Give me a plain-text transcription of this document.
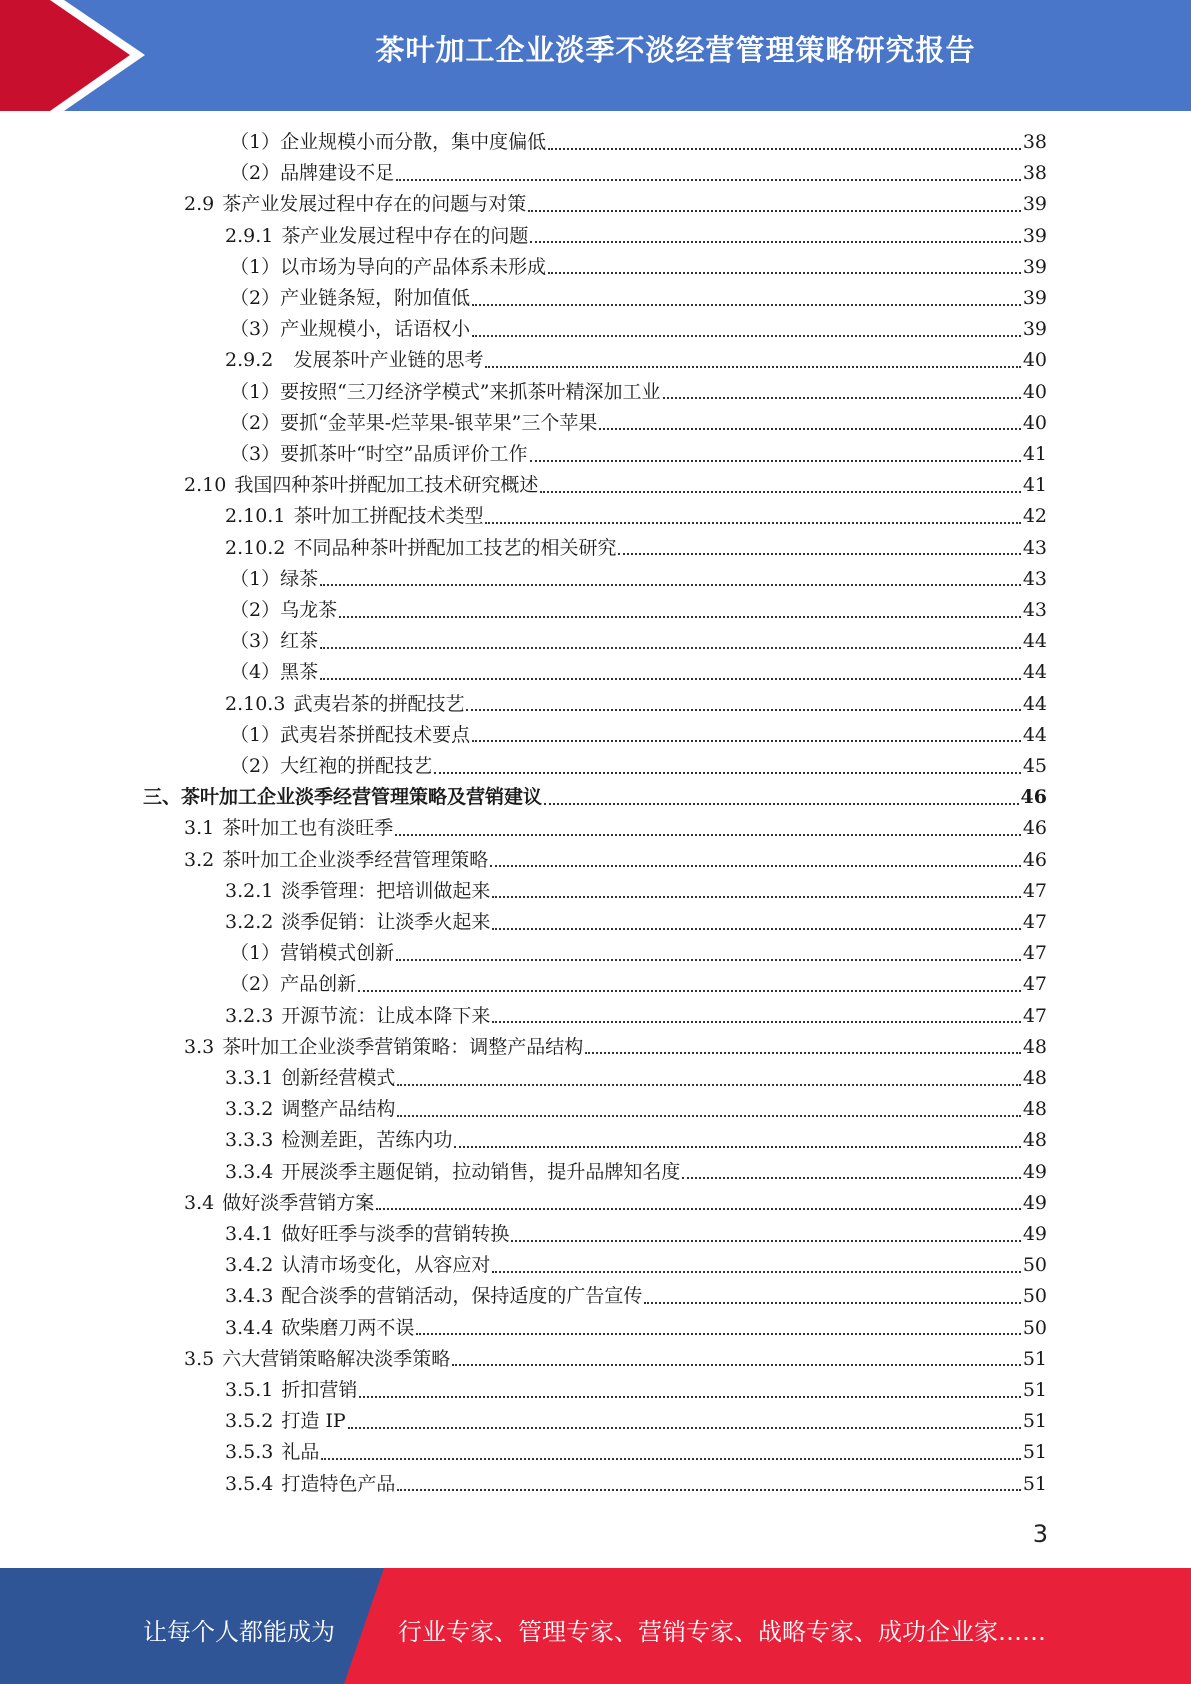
茶叶加工企业淡季不淡经营管理策略研究报告
（1） 企业规模小而分散，集中度偏低	38
（2） 品牌建设不足	38
2.9 茶产业发展过程中存在的问题与对策	39
2.9.1 茶产业发展过程中存在的问题	39
（1） 以市场为导向的产品体系未形成	39
（2） 产业链条短，附加值低	39
（3） 产业规模小，话语权小	39
2.9.2 发展茶叶产业链的思考	40
（1） 要按照“三刀经济学模式”来抓茶叶精深加工业	40
（2） 要抓“金苹果-烂苹果-银苹果”三个苹果	40
（3） 要抓茶叶“时空”品质评价工作	41
2.10 我国四种茶叶拼配加工技术研究概述	41
2.10.1 茶叶加工拼配技术类型	42
2.10.2 不同品种茶叶拼配加工技艺的相关研究	43
（1） 绿茶	43
（2） 乌龙茶	43
（3） 红茶	44
（4） 黑茶	44
2.10.3 武夷岩茶的拼配技艺	44
（1） 武夷岩茶拼配技术要点	44
（2） 大红袍的拼配技艺	45
三、 茶叶加工企业淡季经营管理策略及营销建议	46
3.1 茶叶加工也有淡旺季	46
3.2 茶叶加工企业淡季经营管理策略	46
3.2.1 淡季管理：把培训做起来	47
3.2.2 淡季促销：让淡季火起来	47
（1） 营销模式创新	47
（2） 产品创新	47
3.2.3 开源节流：让成本降下来	47
3.3 茶叶加工企业淡季营销策略：调整产品结构	48
3.3.1 创新经营模式	48
3.3.2 调整产品结构	48
3.3.3 检测差距，苦练内功	48
3.3.4 开展淡季主题促销，拉动销售，提升品牌知名度	49
3.4 做好淡季营销方案	49
3.4.1 做好旺季与淡季的营销转换	49
3.4.2 认清市场变化，从容应对	50
3.4.3 配合淡季的营销活动，保持适度的广告宣传	50
3.4.4 砍柴磨刀两不误	50
3.5 六大营销策略解决淡季策略	51
3.5.1 折扣营销	51
3.5.2 打造 IP	51
3.5.3 礼品	51
3.5.4 打造特色产品	51
3
让每个人都能成为	行业专家、管理专家、营销专家、战略专家、成功企业家……
